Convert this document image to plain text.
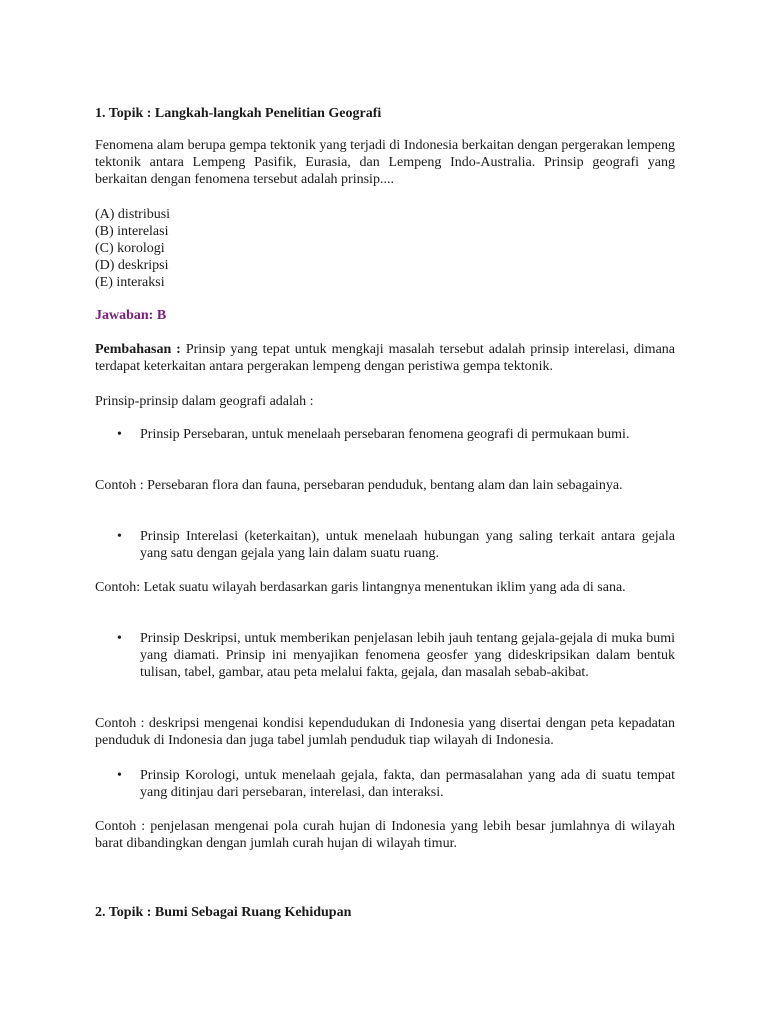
1. Topik : Langkah-langkah Penelitian Geografi

Fenomena alam berupa gempa tektonik yang terjadi di Indonesia berkaitan dengan pergerakan lempeng tektonik antara Lempeng Pasifik, Eurasia, dan Lempeng Indo-Australia. Prinsip geografi yang berkaitan dengan fenomena tersebut adalah prinsip....

(A) distribusi
(B) interelasi
(C) korologi
(D) deskripsi
(E) interaksi

Jawaban: B

Pembahasan : Prinsip yang tepat untuk mengkaji masalah tersebut adalah prinsip interelasi, dimana terdapat keterkaitan antara pergerakan lempeng dengan peristiwa gempa tektonik.

Prinsip-prinsip dalam geografi adalah :

•	Prinsip Persebaran, untuk menelaah persebaran fenomena geografi di permukaan bumi.

Contoh : Persebaran flora dan fauna, persebaran penduduk, bentang alam dan lain sebagainya.

•	Prinsip Interelasi (keterkaitan), untuk menelaah hubungan yang saling terkait antara gejala yang satu dengan gejala yang lain dalam suatu ruang.

Contoh: Letak suatu wilayah berdasarkan garis lintangnya menentukan iklim yang ada di sana.

•	Prinsip Deskripsi, untuk memberikan penjelasan lebih jauh tentang gejala-gejala di muka bumi yang diamati. Prinsip ini menyajikan fenomena geosfer yang dideskripsikan dalam bentuk tulisan, tabel, gambar, atau peta melalui fakta, gejala, dan masalah sebab-akibat.

Contoh : deskripsi mengenai kondisi kependudukan di Indonesia yang disertai dengan peta kepadatan penduduk di Indonesia dan juga tabel jumlah penduduk tiap wilayah di Indonesia.

•	Prinsip Korologi, untuk menelaah gejala, fakta, dan permasalahan yang ada di suatu tempat yang ditinjau dari persebaran, interelasi, dan interaksi.

Contoh : penjelasan mengenai pola curah hujan di Indonesia yang lebih besar jumlahnya di wilayah barat dibandingkan dengan jumlah curah hujan di wilayah timur.

2. Topik : Bumi Sebagai Ruang Kehidupan
